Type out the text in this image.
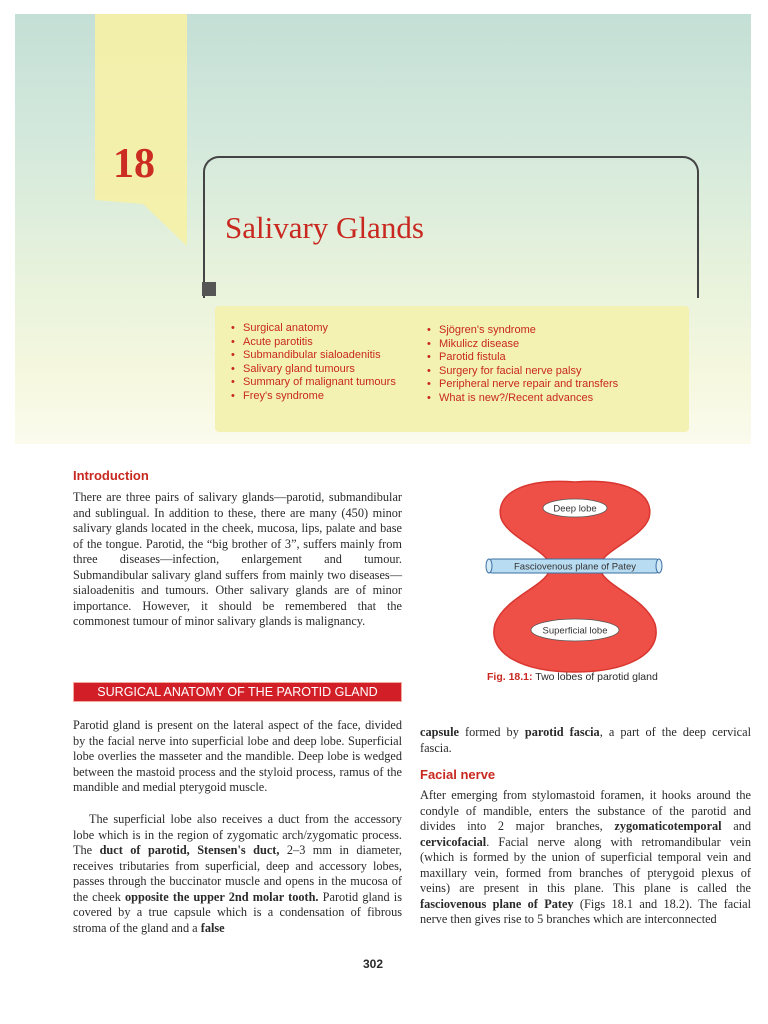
18
Salivary Glands
• Surgical anatomy
• Acute parotitis
• Submandibular sialoadenitis
• Salivary gland tumours
• Summary of malignant tumours
• Frey's syndrome
• Sjögren's syndrome
• Mikulicz disease
• Parotid fistula
• Surgery for facial nerve palsy
• Peripheral nerve repair and transfers
• What is new?/Recent advances
Introduction

There are three pairs of salivary glands—parotid, submandibular and sublingual. In addition to these, there are many (450) minor salivary glands located in the cheek, mucosa, lips, palate and base of the tongue. Parotid, the “big brother of 3”, suffers mainly from three diseases—infection, enlargement and tumour. Submandibular salivary gland suffers from mainly two diseases—sialoadenitis and tumours. Other salivary glands are of minor importance. However, it should be remembered that the commonest tumour of minor salivary glands is malignancy.

Deep lobe
Fasciovenous plane of Patey
Superficial lobe
Fig. 18.1: Two lobes of parotid gland
SURGICAL ANATOMY OF THE PAROTID GLAND

Parotid gland is present on the lateral aspect of the face, divided by the facial nerve into superficial lobe and deep lobe. Superficial lobe overlies the masseter and the mandible. Deep lobe is wedged between the mastoid process and the styloid process, ramus of the mandible and medial pterygoid muscle.

The superficial lobe also receives a duct from the accessory lobe which is in the region of zygomatic arch/zygomatic process. The duct of parotid, Stensen's duct, 2–3 mm in diameter, receives tributaries from superficial, deep and accessory lobes, passes through the buccinator muscle and opens in the mucosa of the cheek opposite the upper 2nd molar tooth. Parotid gland is covered by a true capsule which is a condensation of fibrous stroma of the gland and a false

capsule formed by parotid fascia, a part of the deep cervical fascia.

Facial nerve

After emerging from stylomastoid foramen, it hooks around the condyle of mandible, enters the substance of the parotid and divides into 2 major branches, zygomaticotemporal and cervicofacial. Facial nerve along with retromandibular vein (which is formed by the union of superficial temporal vein and maxillary vein, formed from branches of pterygoid plexus of veins) are present in this plane. This plane is called the fasciovenous plane of Patey (Figs 18.1 and 18.2). The facial nerve then gives rise to 5 branches which are interconnected

302
